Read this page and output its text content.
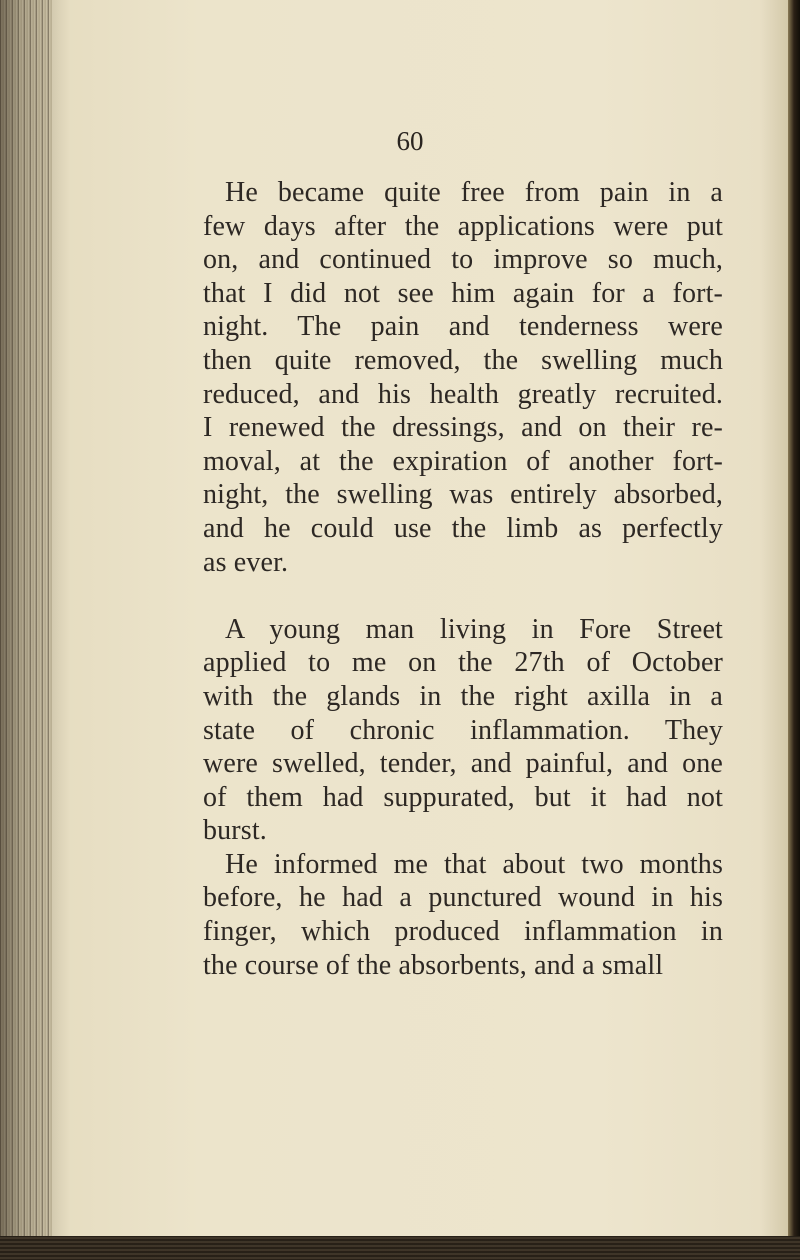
60
He became quite free from pain in a
few days after the applications were put
on, and continued to improve so much,
that I did not see him again for a fort-
night. The pain and tenderness were
then quite removed, the swelling much
reduced, and his health greatly recruited.
I renewed the dressings, and on their re-
moval, at the expiration of another fort-
night, the swelling was entirely absorbed,
and he could use the limb as perfectly
as ever.
A young man living in Fore Street
applied to me on the 27th of October
with the glands in the right axilla in a
state of chronic inflammation. They
were swelled, tender, and painful, and one
of them had suppurated, but it had not
burst.
He informed me that about two months
before, he had a punctured wound in his
finger, which produced inflammation in
the course of the absorbents, and a small
